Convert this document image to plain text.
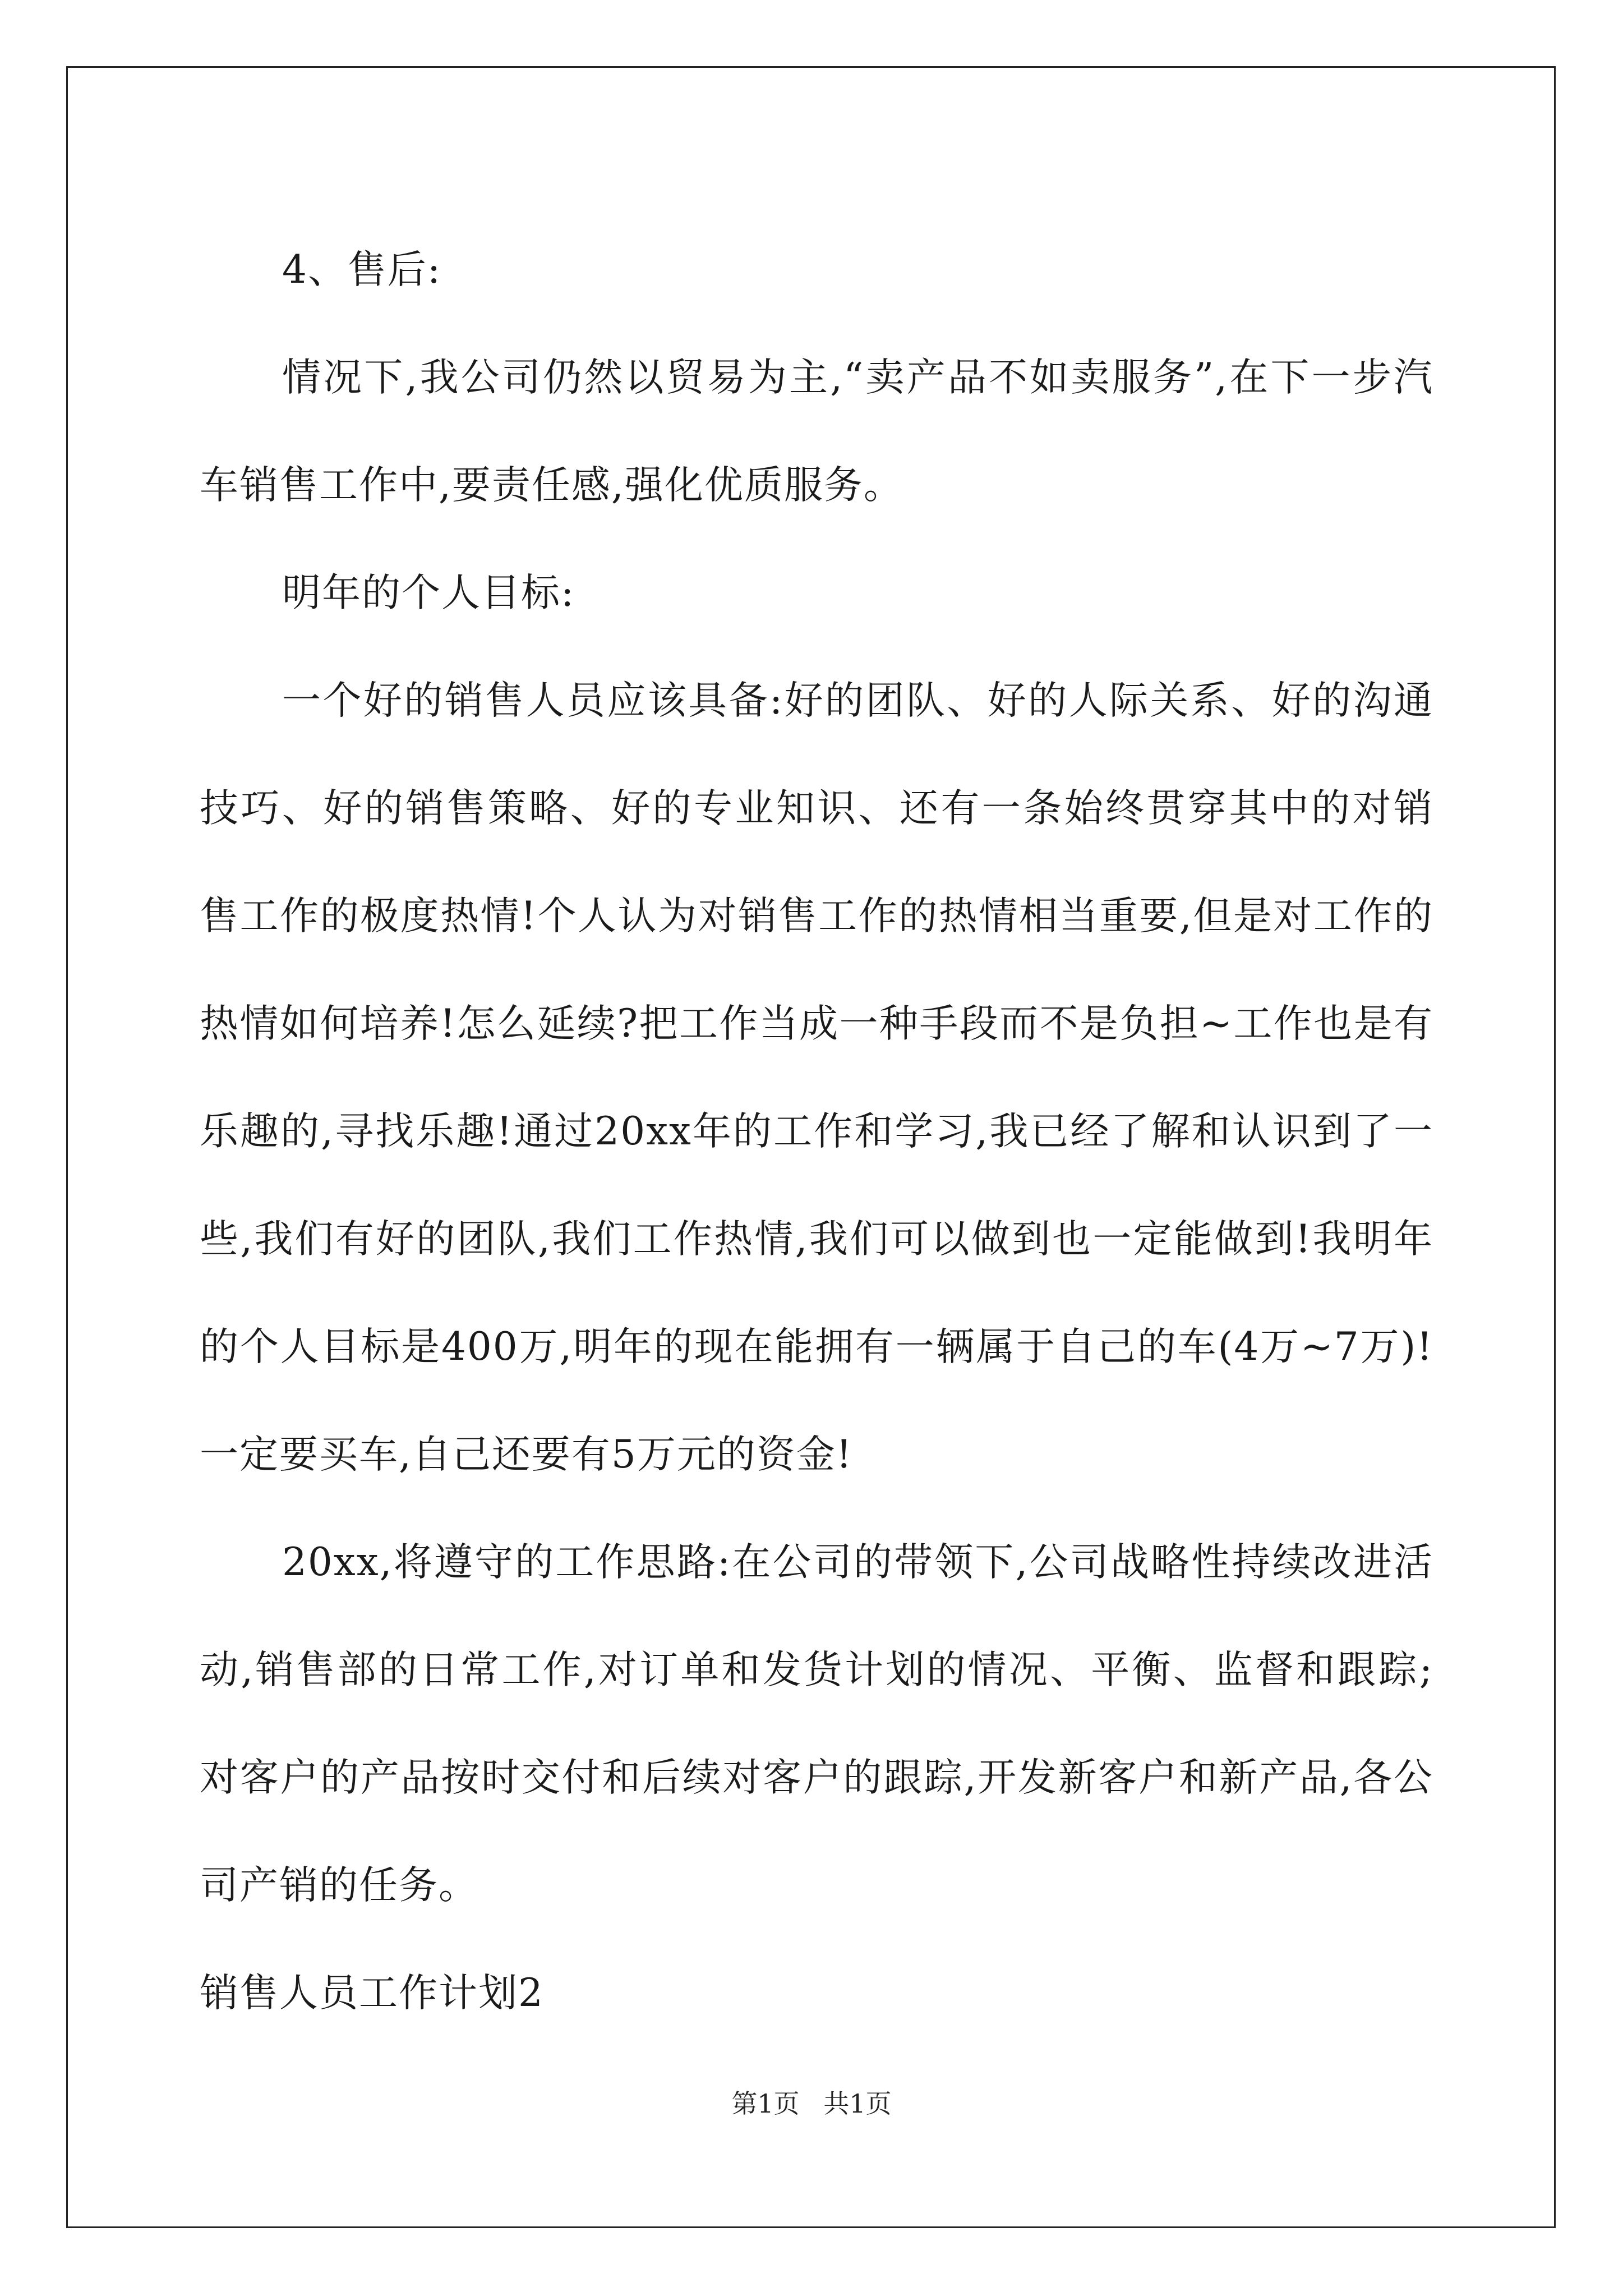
4、售后:

情况下,我公司仍然以贸易为主,“卖产品不如卖服务”,在下一步汽车销售工作中,要责任感,强化优质服务。

明年的个人目标:

一个好的销售人员应该具备:好的团队、好的人际关系、好的沟通技巧、好的销售策略、好的专业知识、还有一条始终贯穿其中的对销售工作的极度热情!个人认为对销售工作的热情相当重要,但是对工作的热情如何培养!怎么延续?把工作当成一种手段而不是负担~工作也是有乐趣的,寻找乐趣!通过20xx年的工作和学习,我已经了解和认识到了一些,我们有好的团队,我们工作热情,我们可以做到也一定能做到!我明年的个人目标是400万,明年的现在能拥有一辆属于自己的车(4万~7万)!一定要买车,自己还要有5万元的资金!

20xx,将遵守的工作思路:在公司的带领下,公司战略性持续改进活动,销售部的日常工作,对订单和发货计划的情况、平衡、监督和跟踪;对客户的产品按时交付和后续对客户的跟踪,开发新客户和新产品,各公司产销的任务。

销售人员工作计划2

第1页 共1页
